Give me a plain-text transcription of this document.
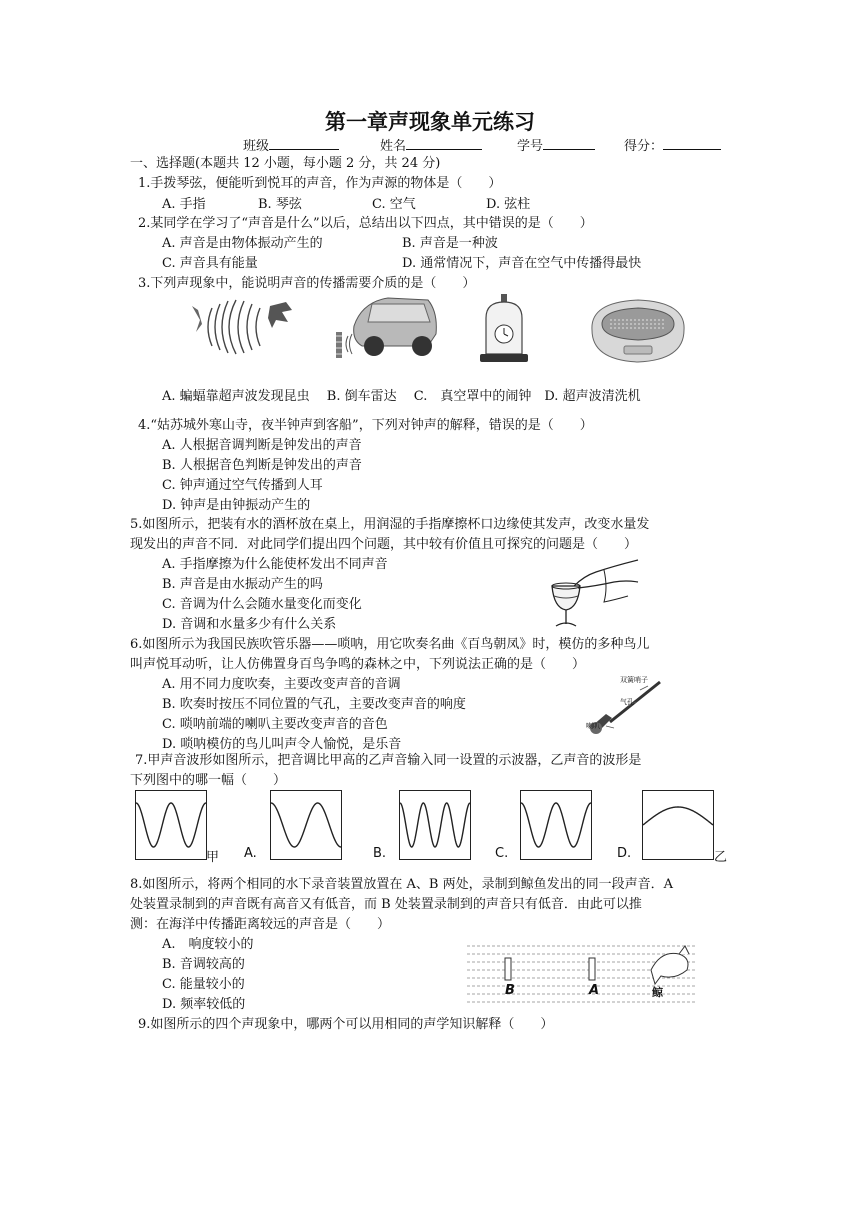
第一章声现象单元练习
班级	姓名	学号	得分：
一、选择题(本题共 12 小题，每小题 2 分，共 24 分)
1.手拨琴弦，便能听到悦耳的声音，作为声源的物体是（　　）
A. 手指	B. 琴弦	C. 空气	D. 弦柱
2.某同学在学习了“声音是什么”以后，总结出以下四点，其中错误的是（　　）
A. 声音是由物体振动产生的	B. 声音是一种波
C. 声音具有能量	D. 通常情况下，声音在空气中传播得最快
3.下列声现象中，能说明声音的传播需要介质的是（　　）
A. 蝙蝠靠超声波发现昆虫　 B. 倒车雷达　 C.　真空罩中的闹钟　D. 超声波清洗机
4.“姑苏城外寒山寺，夜半钟声到客船”，下列对钟声的解释，错误的是（　　）
A. 人根据音调判断是钟发出的声音
B. 人根据音色判断是钟发出的声音
C. 钟声通过空气传播到人耳
D. 钟声是由钟振动产生的
5.如图所示，把装有水的酒杯放在桌上，用润湿的手指摩擦杯口边缘使其发声，改变水量发
现发出的声音不同．对此同学们提出四个问题，其中较有价值且可探究的问题是（　　）
A. 手指摩擦为什么能使杯发出不同声音
B. 声音是由水振动产生的吗
C. 音调为什么会随水量变化而变化
D. 音调和水量多少有什么关系
6.如图所示为我国民族吹管乐器——唢呐，用它吹奏名曲《百鸟朝凤》时，模仿的多种鸟儿
叫声悦耳动听，让人仿佛置身百鸟争鸣的森林之中，下列说法正确的是（　　）
A. 用不同力度吹奏，主要改变声音的音调
B. 吹奏时按压不同位置的气孔，主要改变声音的响度
C. 唢呐前端的喇叭主要改变声音的音色
D. 唢呐模仿的鸟儿叫声令人愉悦，是乐音
双簧哨子
气孔
喇叭
7.甲声音波形如图所示，把音调比甲高的乙声音输入同一设置的示波器，乙声音的波形是
下列图中的哪一幅（　　）
甲 A.	B.	C.	D.	乙
8.如图所示，将两个相同的水下录音装置放置在 A、B 两处，录制到鲸鱼发出的同一段声音．A
处装置录制到的声音既有高音又有低音，而 B 处装置录制到的声音只有低音．由此可以推
测：在海洋中传播距离较远的声音是（　　）
A.　响度较小的
B. 音调较高的
C. 能量较小的
D. 频率较低的
B	A	鲸
9.如图所示的四个声现象中，哪两个可以用相同的声学知识解释（　　）
